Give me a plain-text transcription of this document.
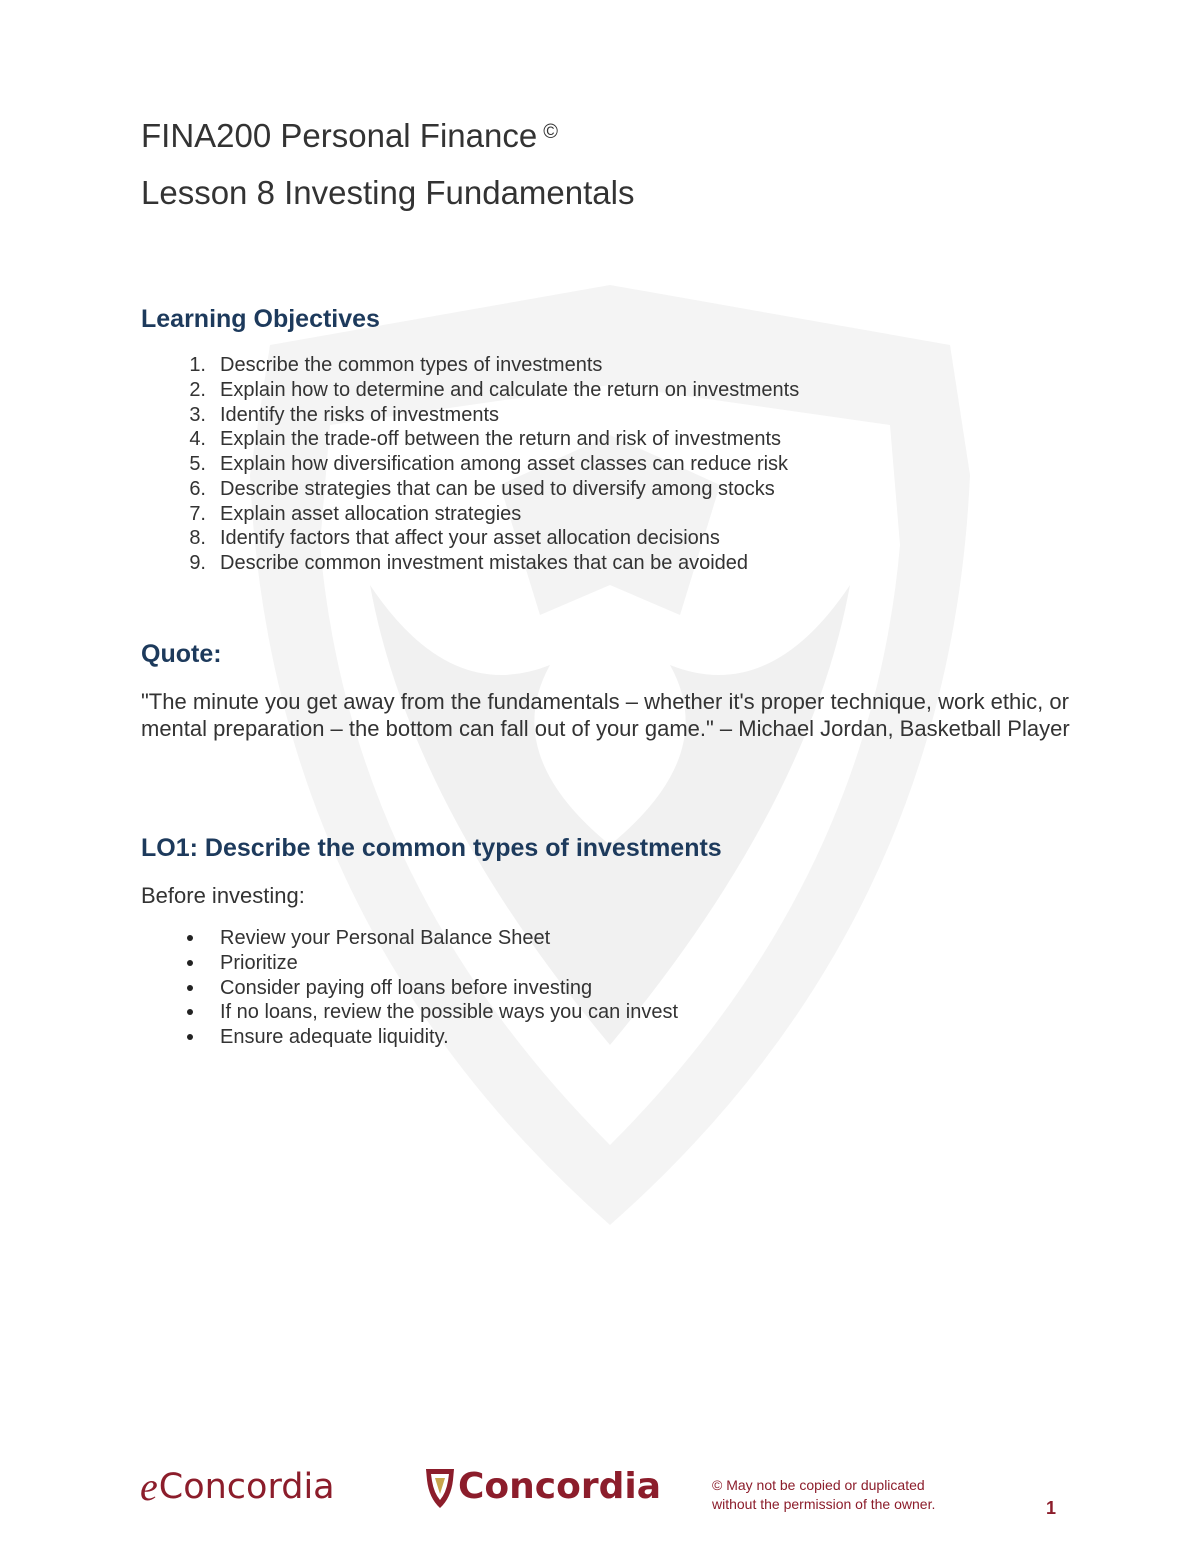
FINA200 Personal Finance ©
Lesson 8 Investing Fundamentals
Learning Objectives
1. Describe the common types of investments
2. Explain how to determine and calculate the return on investments
3. Identify the risks of investments
4. Explain the trade-off between the return and risk of investments
5. Explain how diversification among asset classes can reduce risk
6. Describe strategies that can be used to diversify among stocks
7. Explain asset allocation strategies
8. Identify factors that affect your asset allocation decisions
9. Describe common investment mistakes that can be avoided
Quote:

"The minute you get away from the fundamentals – whether it's proper technique, work ethic, or mental preparation – the bottom can fall out of your game." – Michael Jordan, Basketball Player

LO1: Describe the common types of investments

Before investing:

Review your Personal Balance Sheet
Prioritize
Consider paying off loans before investing
If no loans, review the possible ways you can invest
Ensure adequate liquidity.
eConcordia	Concordia	© May not be copied or duplicated
without the permission of the owner.	1
